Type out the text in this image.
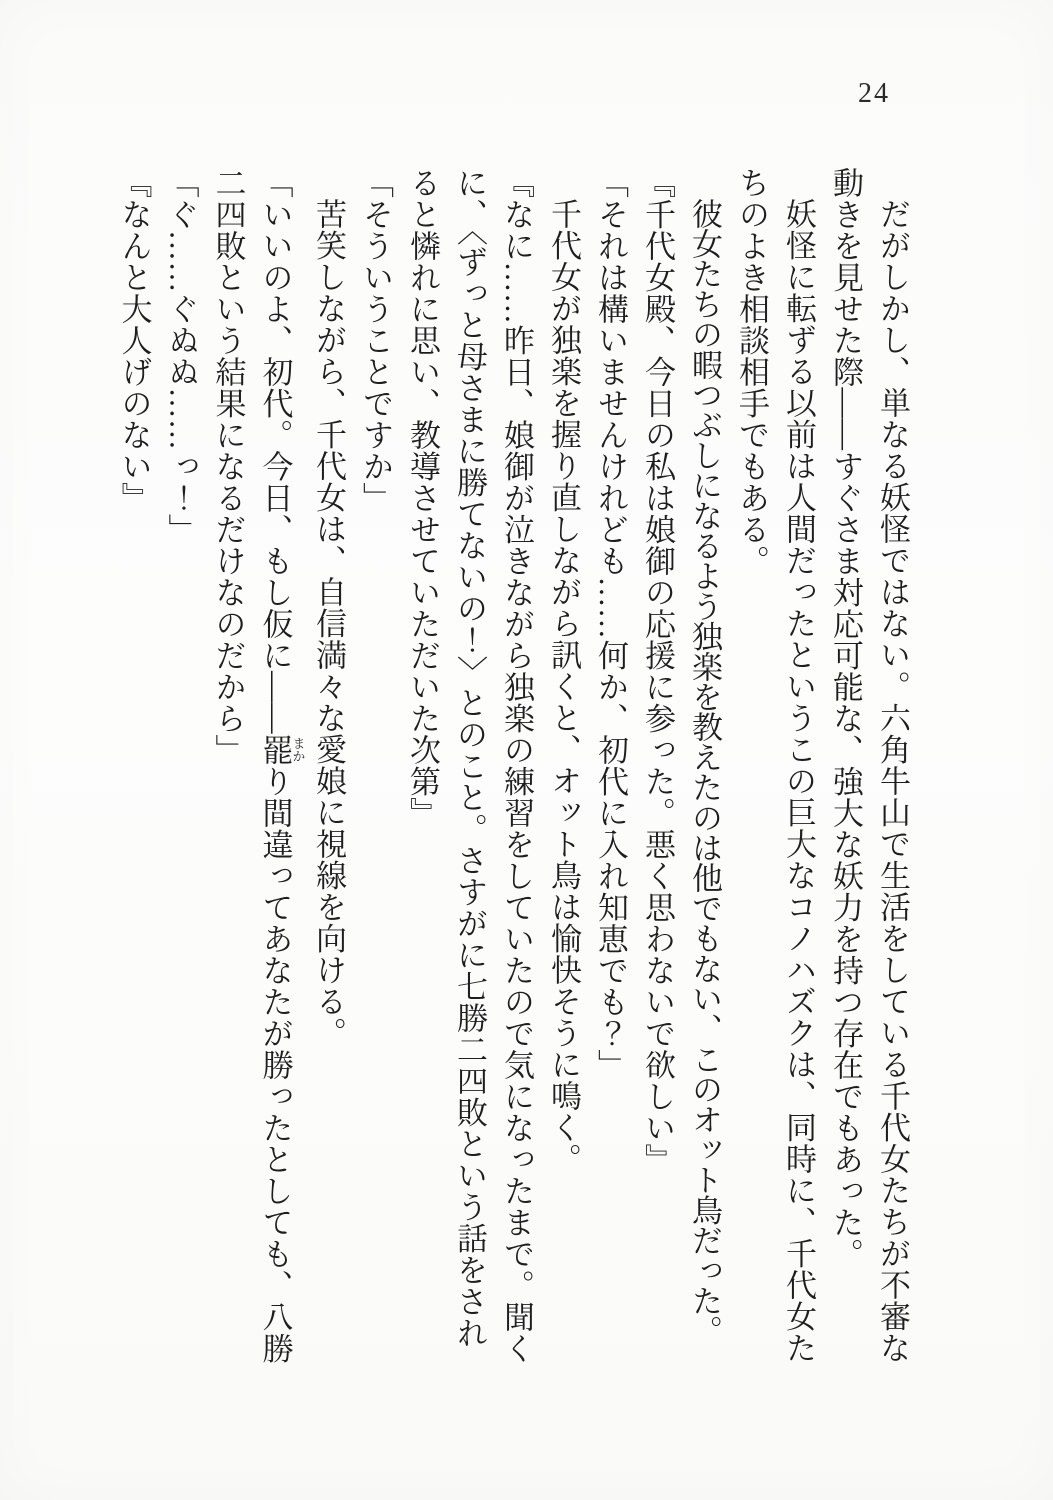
24

だがしかし、単なる妖怪ではない。六角牛山で生活をしている千代女たちが不審な動きを見せた際――すぐさま対応可能な、強大な妖力を持つ存在でもあった。

妖怪に転ずる以前は人間だったというこの巨大なコノハズクは、同時に、千代女たちのよき相談相手でもある。

彼女たちの暇つぶしになるよう独楽を教えたのは他でもない、このオット鳥だった。

『千代女殿、今日の私は娘御の応援に参った。悪く思わないで欲しい』

「それは構いませんけれども……何か、初代に入れ知恵でも？」

千代女が独楽を握り直しながら訊くと、オット鳥は愉快そうに鳴く。

『なに……昨日、娘御が泣きながら独楽の練習をしていたので気になったまで。聞くに、〈ずっと母さまに勝てないの！〉とのこと。さすがに七勝二四敗という話をされると憐れに思い、教導させていただいた次第』

「そういうことですか」

苦笑しながら、千代女は、自信満々な愛娘に視線を向ける。

「いいのよ、初代。今日、もし仮に――罷まかり間違ってあなたが勝ったとしても、八勝二四敗という結果になるだけなのだから」

「ぐ……ぐぬぬ……っ！」

『なんと大人げのない』
